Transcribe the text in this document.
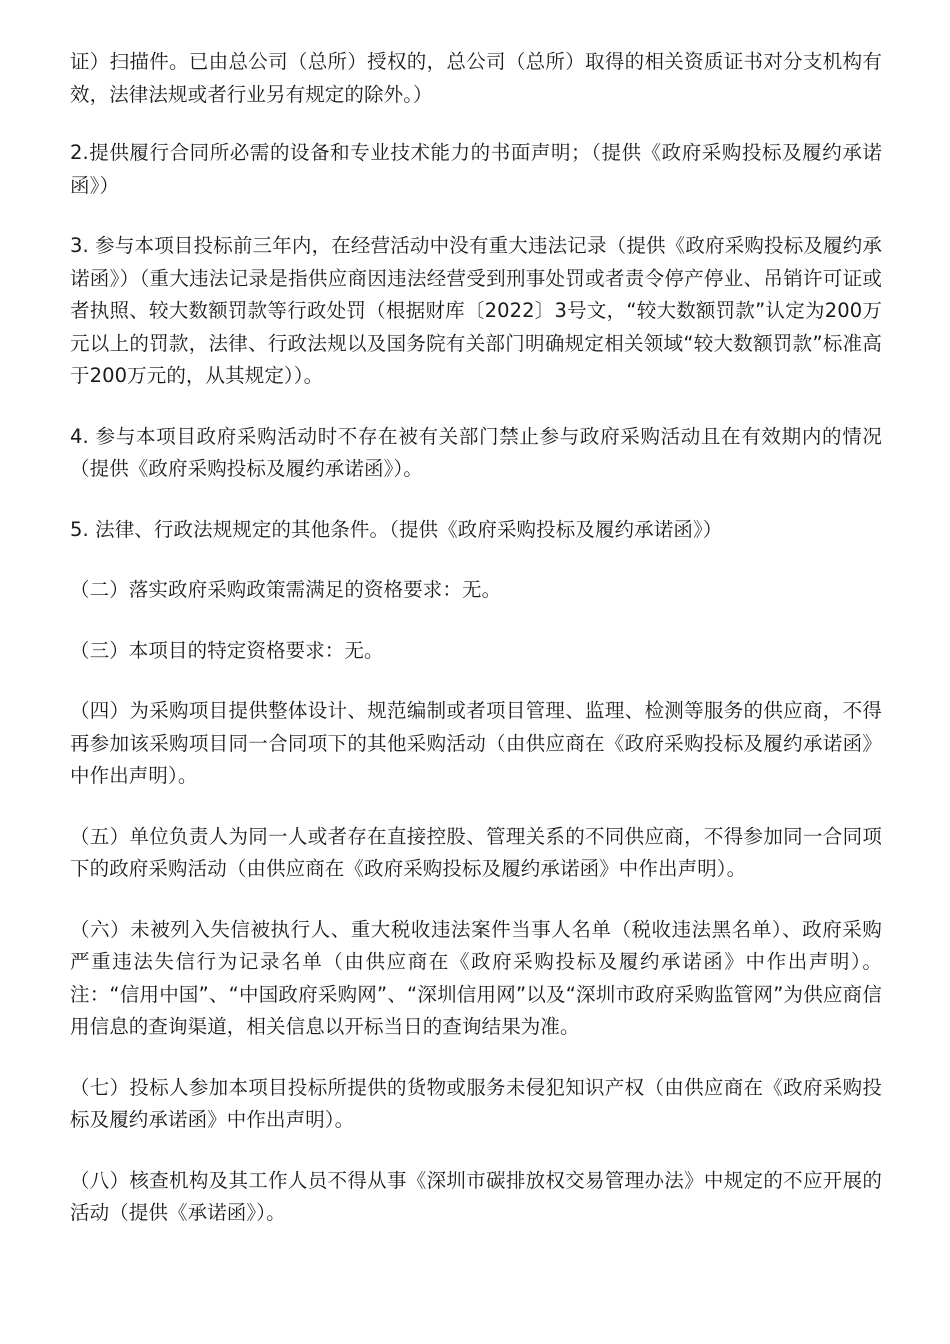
证）扫描件。已由总公司（总所）授权的，总公司（总所）取得的相关资质证书对分支机构有效，法律法规或者行业另有规定的除外。）

2.提供履行合同所必需的设备和专业技术能力的书面声明；（提供《政府采购投标及履约承诺函》）

3. 参与本项目投标前三年内，在经营活动中没有重大违法记录（提供《政府采购投标及履约承诺函》）（重大违法记录是指供应商因违法经营受到刑事处罚或者责令停产停业、吊销许可证或者执照、较大数额罚款等行政处罚（根据财库〔2022〕3号文，“较大数额罚款”认定为200万元以上的罚款，法律、行政法规以及国务院有关部门明确规定相关领域“较大数额罚款”标准高于200万元的，从其规定））。

4. 参与本项目政府采购活动时不存在被有关部门禁止参与政府采购活动且在有效期内的情况（提供《政府采购投标及履约承诺函》）。

5. 法律、行政法规规定的其他条件。（提供《政府采购投标及履约承诺函》）

（二）落实政府采购政策需满足的资格要求：无。

（三）本项目的特定资格要求：无。

（四）为采购项目提供整体设计、规范编制或者项目管理、监理、检测等服务的供应商，不得再参加该采购项目同一合同项下的其他采购活动（由供应商在《政府采购投标及履约承诺函》中作出声明）。

（五）单位负责人为同一人或者存在直接控股、管理关系的不同供应商，不得参加同一合同项下的政府采购活动（由供应商在《政府采购投标及履约承诺函》中作出声明）。

（六）未被列入失信被执行人、重大税收违法案件当事人名单（税收违法黑名单）、政府采购严重违法失信行为记录名单（由供应商在《政府采购投标及履约承诺函》中作出声明）。注：“信用中国”、“中国政府采购网”、“深圳信用网”以及“深圳市政府采购监管网”为供应商信用信息的查询渠道，相关信息以开标当日的查询结果为准。

（七）投标人参加本项目投标所提供的货物或服务未侵犯知识产权（由供应商在《政府采购投标及履约承诺函》中作出声明）。

（八）核查机构及其工作人员不得从事《深圳市碳排放权交易管理办法》中规定的不应开展的活动（提供《承诺函》）。
